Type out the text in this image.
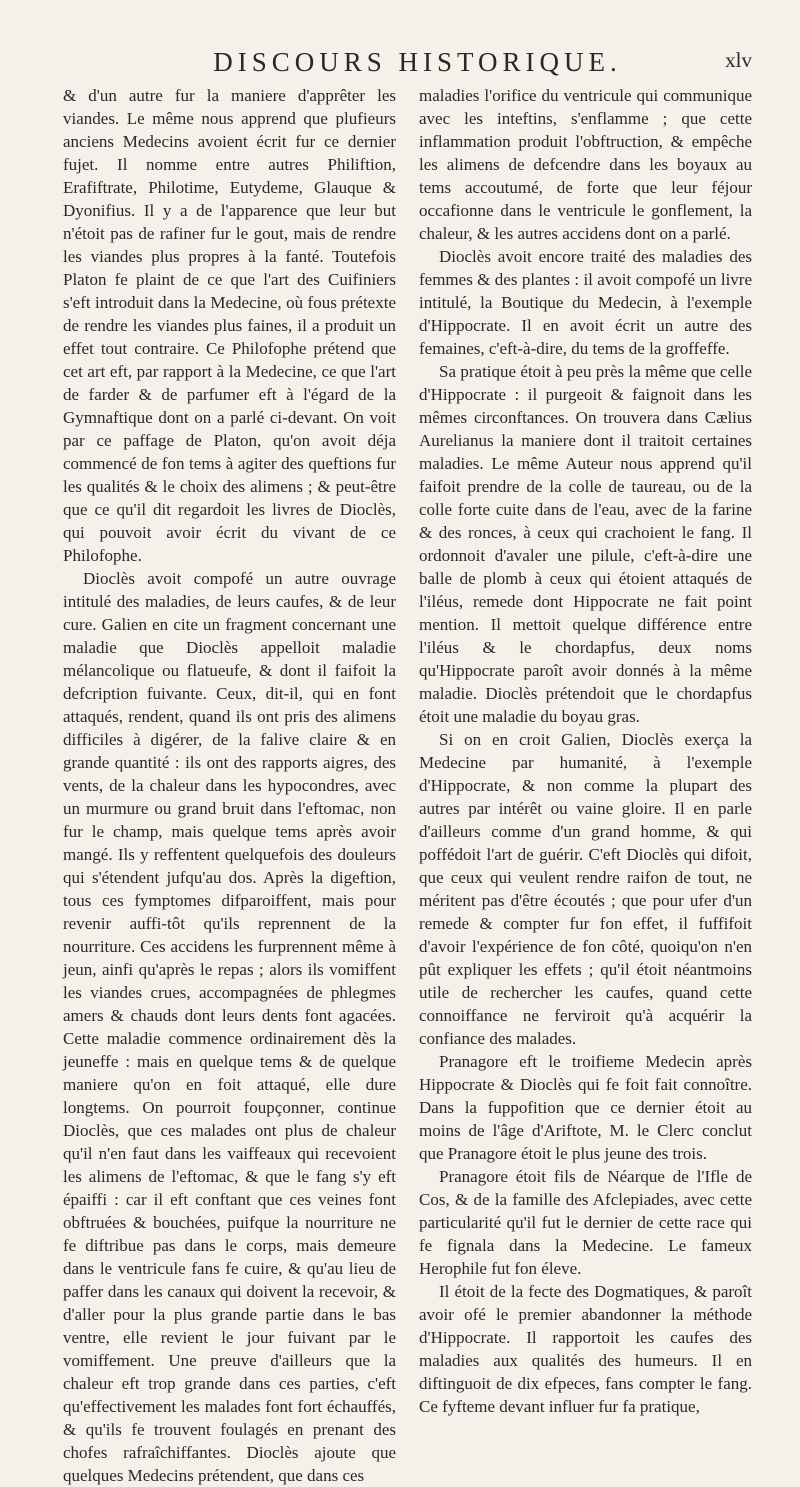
DISCOURS HISTORIQUE.	xlv

& d'un autre fur la maniere d'apprêter les viandes. Le même nous apprend que plufieurs anciens Medecins avoient écrit fur ce dernier fujet. Il nomme entre autres Philiftion, Erafiftrate, Philotime, Eutydeme, Glauque & Dyonifius. Il y a de l'apparence que leur but n'étoit pas de rafiner fur le gout, mais de rendre les viandes plus propres à la fanté. Toutefois Platon fe plaint de ce que l'art des Cuifiniers s'eft introduit dans la Medecine, où fous prétexte de rendre les viandes plus faines, il a produit un effet tout contraire. Ce Philofophe prétend que cet art eft, par rapport à la Medecine, ce que l'art de farder & de parfumer eft à l'égard de la Gymnaftique dont on a parlé ci-devant. On voit par ce paffage de Platon, qu'on avoit déja commencé de fon tems à agiter des queftions fur les qualités & le choix des alimens ; & peut-être que ce qu'il dit regardoit les livres de Dioclès, qui pouvoit avoir écrit du vivant de ce Philofophe.

Dioclès avoit compofé un autre ouvrage intitulé des maladies, de leurs caufes, & de leur cure. Galien en cite un fragment concernant une maladie que Dioclès appelloit maladie mélancolique ou flatueufe, & dont il faifoit la defcription fuivante. Ceux, dit-il, qui en font attaqués, rendent, quand ils ont pris des alimens difficiles à digérer, de la falive claire & en grande quantité : ils ont des rapports aigres, des vents, de la chaleur dans les hypocondres, avec un murmure ou grand bruit dans l'eftomac, non fur le champ, mais quelque tems après avoir mangé. Ils y reffentent quelquefois des douleurs qui s'étendent jufqu'au dos. Après la digeftion, tous ces fymptomes difparoiffent, mais pour revenir auffi-tôt qu'ils reprennent de la nourriture. Ces accidens les furprennent même à jeun, ainfi qu'après le repas ; alors ils vomiffent les viandes crues, accompagnées de phlegmes amers & chauds dont leurs dents font agacées. Cette maladie commence ordinairement dès la jeuneffe : mais en quelque tems & de quelque maniere qu'on en foit attaqué, elle dure longtems. On pourroit foupçonner, continue Dioclès, que ces malades ont plus de chaleur qu'il n'en faut dans les vaiffeaux qui recevoient les alimens de l'eftomac, & que le fang s'y eft épaiffi : car il eft conftant que ces veines font obftruées & bouchées, puifque la nourriture ne fe diftribue pas dans le corps, mais demeure dans le ventricule fans fe cuire, & qu'au lieu de paffer dans les canaux qui doivent la recevoir, & d'aller pour la plus grande partie dans le bas ventre, elle revient le jour fuivant par le vomiffement. Une preuve d'ailleurs que la chaleur eft trop grande dans ces parties, c'eft qu'effectivement les malades font fort échauffés, & qu'ils fe trouvent foulagés en prenant des chofes rafraîchiffantes. Dioclès ajoute que quelques Medecins prétendent, que dans ces

maladies l'orifice du ventricule qui communique avec les inteftins, s'enflamme ; que cette inflammation produit l'obftruction, & empêche les alimens de defcendre dans les boyaux au tems accoutumé, de forte que leur féjour occafionne dans le ventricule le gonflement, la chaleur, & les autres accidens dont on a parlé.

Dioclès avoit encore traité des maladies des femmes & des plantes : il avoit compofé un livre intitulé, la Boutique du Medecin, à l'exemple d'Hippocrate. Il en avoit écrit un autre des femaines, c'eft-à-dire, du tems de la groffeffe.

Sa pratique étoit à peu près la même que celle d'Hippocrate : il purgeoit & faignoit dans les mêmes circonftances. On trouvera dans Cælius Aurelianus la maniere dont il traitoit certaines maladies. Le même Auteur nous apprend qu'il faifoit prendre de la colle de taureau, ou de la colle forte cuite dans de l'eau, avec de la farine & des ronces, à ceux qui crachoient le fang. Il ordonnoit d'avaler une pilule, c'eft-à-dire une balle de plomb à ceux qui étoient attaqués de l'iléus, remede dont Hippocrate ne fait point mention. Il mettoit quelque différence entre l'iléus & le chordapfus, deux noms qu'Hippocrate paroît avoir donnés à la même maladie. Dioclès prétendoit que le chordapfus étoit une maladie du boyau gras.

Si on en croit Galien, Dioclès exerça la Medecine par humanité, à l'exemple d'Hippocrate, & non comme la plupart des autres par intérêt ou vaine gloire. Il en parle d'ailleurs comme d'un grand homme, & qui poffédoit l'art de guérir. C'eft Dioclès qui difoit, que ceux qui veulent rendre raifon de tout, ne méritent pas d'être écoutés ; que pour ufer d'un remede & compter fur fon effet, il fuffifoit d'avoir l'expérience de fon côté, quoiqu'on n'en pût expliquer les effets ; qu'il étoit néantmoins utile de rechercher les caufes, quand cette connoiffance ne ferviroit qu'à acquérir la confiance des malades.

Pranagore eft le troifieme Medecin après Hippocrate & Dioclès qui fe foit fait connoître. Dans la fuppofition que ce dernier étoit au moins de l'âge d'Ariftote, M. le Clerc conclut que Pranagore étoit le plus jeune des trois.

Pranagore étoit fils de Néarque de l'Ifle de Cos, & de la famille des Afclepiades, avec cette particularité qu'il fut le dernier de cette race qui fe fignala dans la Medecine. Le fameux Herophile fut fon éleve.

Il étoit de la fecte des Dogmatiques, & paroît avoir ofé le premier abandonner la méthode d'Hippocrate. Il rapportoit les caufes des maladies aux qualités des humeurs. Il en diftinguoit de dix efpeces, fans compter le fang. Ce fyfteme devant influer fur fa pratique,
